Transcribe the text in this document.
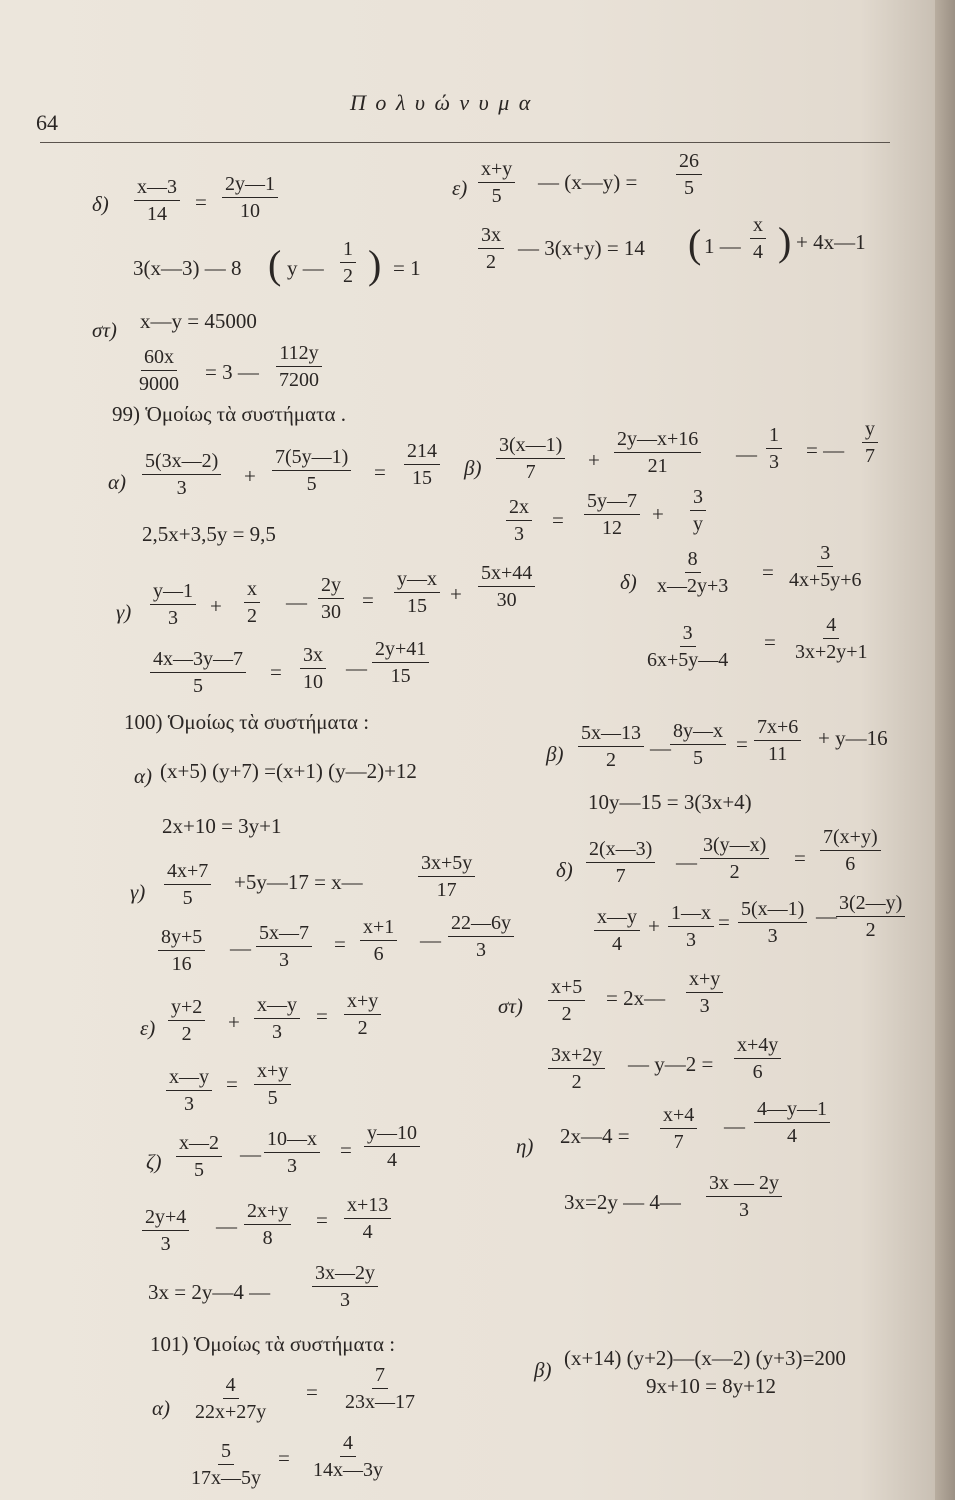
64
Π ο λ υ ώ ν υ μ α
$\delta) \frac{x—3}{14} = \frac{2y—1}{10}$
3(x—3) — 8 ( y — $\frac{1}{2}$ ) = 1
$\varepsilon) \frac{x+y}{5}$ — (x—y) = $\frac{26}{5}$
$\frac{3x}{2}$ — 3(x+y) = 14 ( 1 — $\frac{x}{4}$ ) + 4x—1
στ) x—y = 45000
$\frac{60x}{9000} = 3$ — $\frac{112y}{7200}$
99) Ὁμοίως τὰ συστήματα .
$\alpha) \frac{5(3x—2)}{3} + \frac{7(5y—1)}{5} = \frac{214}{15}$
2,5x+3,5y = 9,5
$\beta) \frac{3(x—1)}{7} + \frac{2y—x+16}{21}$ — $\frac{1}{3}$ = — $\frac{y}{7}$
$\frac{2x}{3} = \frac{5y—7}{12} + \frac{3}{y}$
$\gamma) \frac{y—1}{3} + \frac{x}{2}$ — $\frac{2y}{30} = \frac{y—x}{15} + \frac{5x+44}{30}$
$\frac{4x—3y—7}{5} = \frac{3x}{10}$ — $\frac{2y+41}{15}$
$\delta) \frac{8}{x—2y+3} = \frac{3}{4x+5y+6}$
$\frac{3}{6x+5y—4} = \frac{4}{3x+2y+1}$
100) Ὁμοίως τὰ συστήματα :
α) (x+5) (y+7) =(x+1) (y—2)+12
2x+10 = 3y+1
$\beta) \frac{5x—13}{2}$ — $\frac{8y—x}{5} = \frac{7x+6}{11}$ + y—16
10y—15 = 3(3x+4)
$\gamma) \frac{4x+7}{5}$ +5y—17 = x—	$\frac{3x+5y}{17}$
$\frac{8y+5}{16}$ — $\frac{5x—7}{3} = \frac{x+1}{6}$ — $\frac{22—6y}{3}$
$\delta) \frac{2(x—3)}{7}$ — $\frac{3(y—x)}{2} = \frac{7(x+y)}{6}$
$\frac{x—y}{4} + \frac{1—x}{3} = \frac{5(x—1)}{3}$ — $\frac{3(2—y)}{2}$
$\varepsilon) \frac{y+2}{2} + \frac{x—y}{3} = \frac{x+y}{2}$
$\frac{x—y}{3} = \frac{x+y}{5}$
$\sigma\tau) \frac{x+5}{2}$ = 2x— $\frac{x+y}{3}$
$\frac{3x+2y}{2}$ — y—2 = $\frac{x+4y}{6}$
$\zeta) \frac{x—2}{5}$ — $\frac{10—x}{3} = \frac{y—10}{4}$
$\frac{2y+4}{3}$ — $\frac{2x+y}{8} = \frac{x+13}{4}$
3x = 2y—4 — $\frac{3x—2y}{3}$
η) 2x—4 = $\frac{x+4}{7}$ — $\frac{4—y—1}{4}$
3x=2y — 4— $\frac{3x — 2y}{3}$
101) Ὁμοίως τὰ συστήματα :
$\alpha) \frac{4}{22x+27y} = \frac{7}{23x—17}$
$\frac{5}{17x—5y} = \frac{4}{14x—3y}$
β) (x+14) (y+2)—(x—2) (y+3)=200
9x+10 = 8y+12
